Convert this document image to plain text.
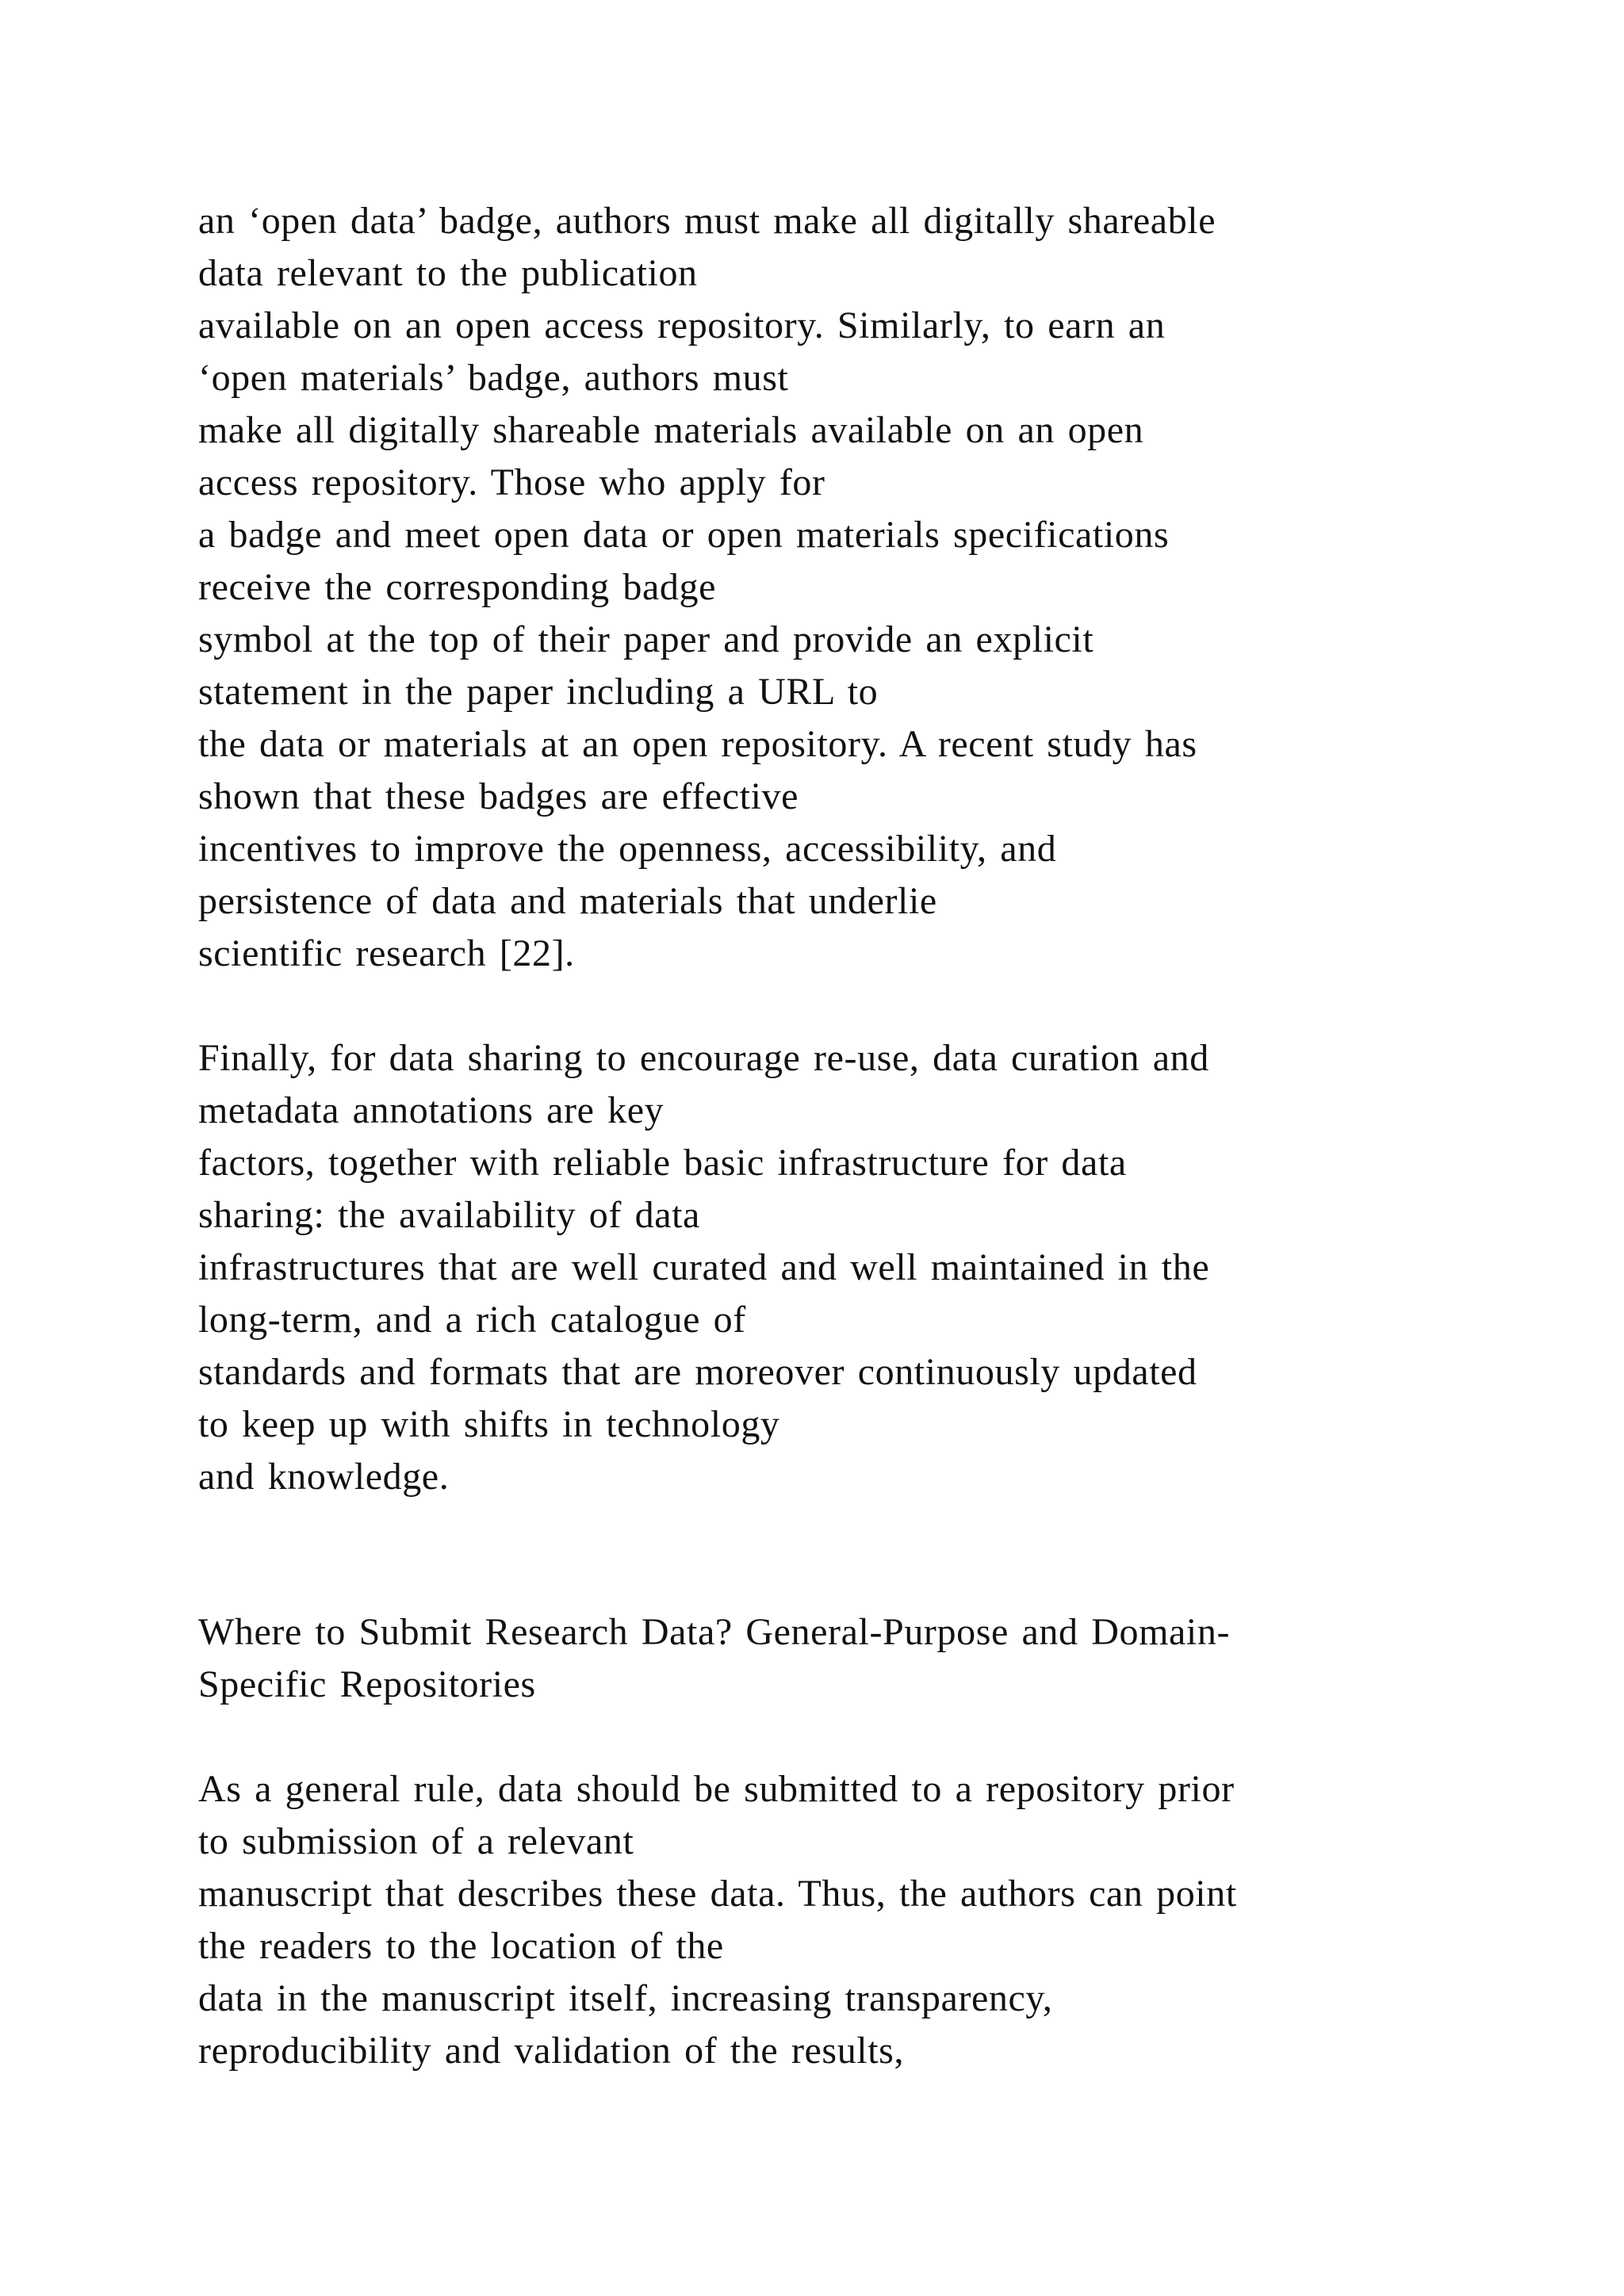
an ‘open data’ badge, authors must make all digitally shareable
data relevant to the publication
available on an open access repository. Similarly, to earn an
‘open materials’ badge, authors must
make all digitally shareable materials available on an open
access repository. Those who apply for
a badge and meet open data or open materials specifications
receive the corresponding badge
symbol at the top of their paper and provide an explicit
statement in the paper including a URL to
the data or materials at an open repository. A recent study has
shown that these badges are effective
incentives to improve the openness, accessibility, and
persistence of data and materials that underlie
scientific research [22].
Finally, for data sharing to encourage re-use, data curation and
metadata annotations are key
factors, together with reliable basic infrastructure for data
sharing: the availability of data
infrastructures that are well curated and well maintained in the
long-term, and a rich catalogue of
standards and formats that are moreover continuously updated
to keep up with shifts in technology
and knowledge.
Where to Submit Research Data? General-Purpose and Domain-
Specific Repositories
As a general rule, data should be submitted to a repository prior
to submission of a relevant
manuscript that describes these data. Thus, the authors can point
the readers to the location of the
data in the manuscript itself, increasing transparency,
reproducibility and validation of the results,
